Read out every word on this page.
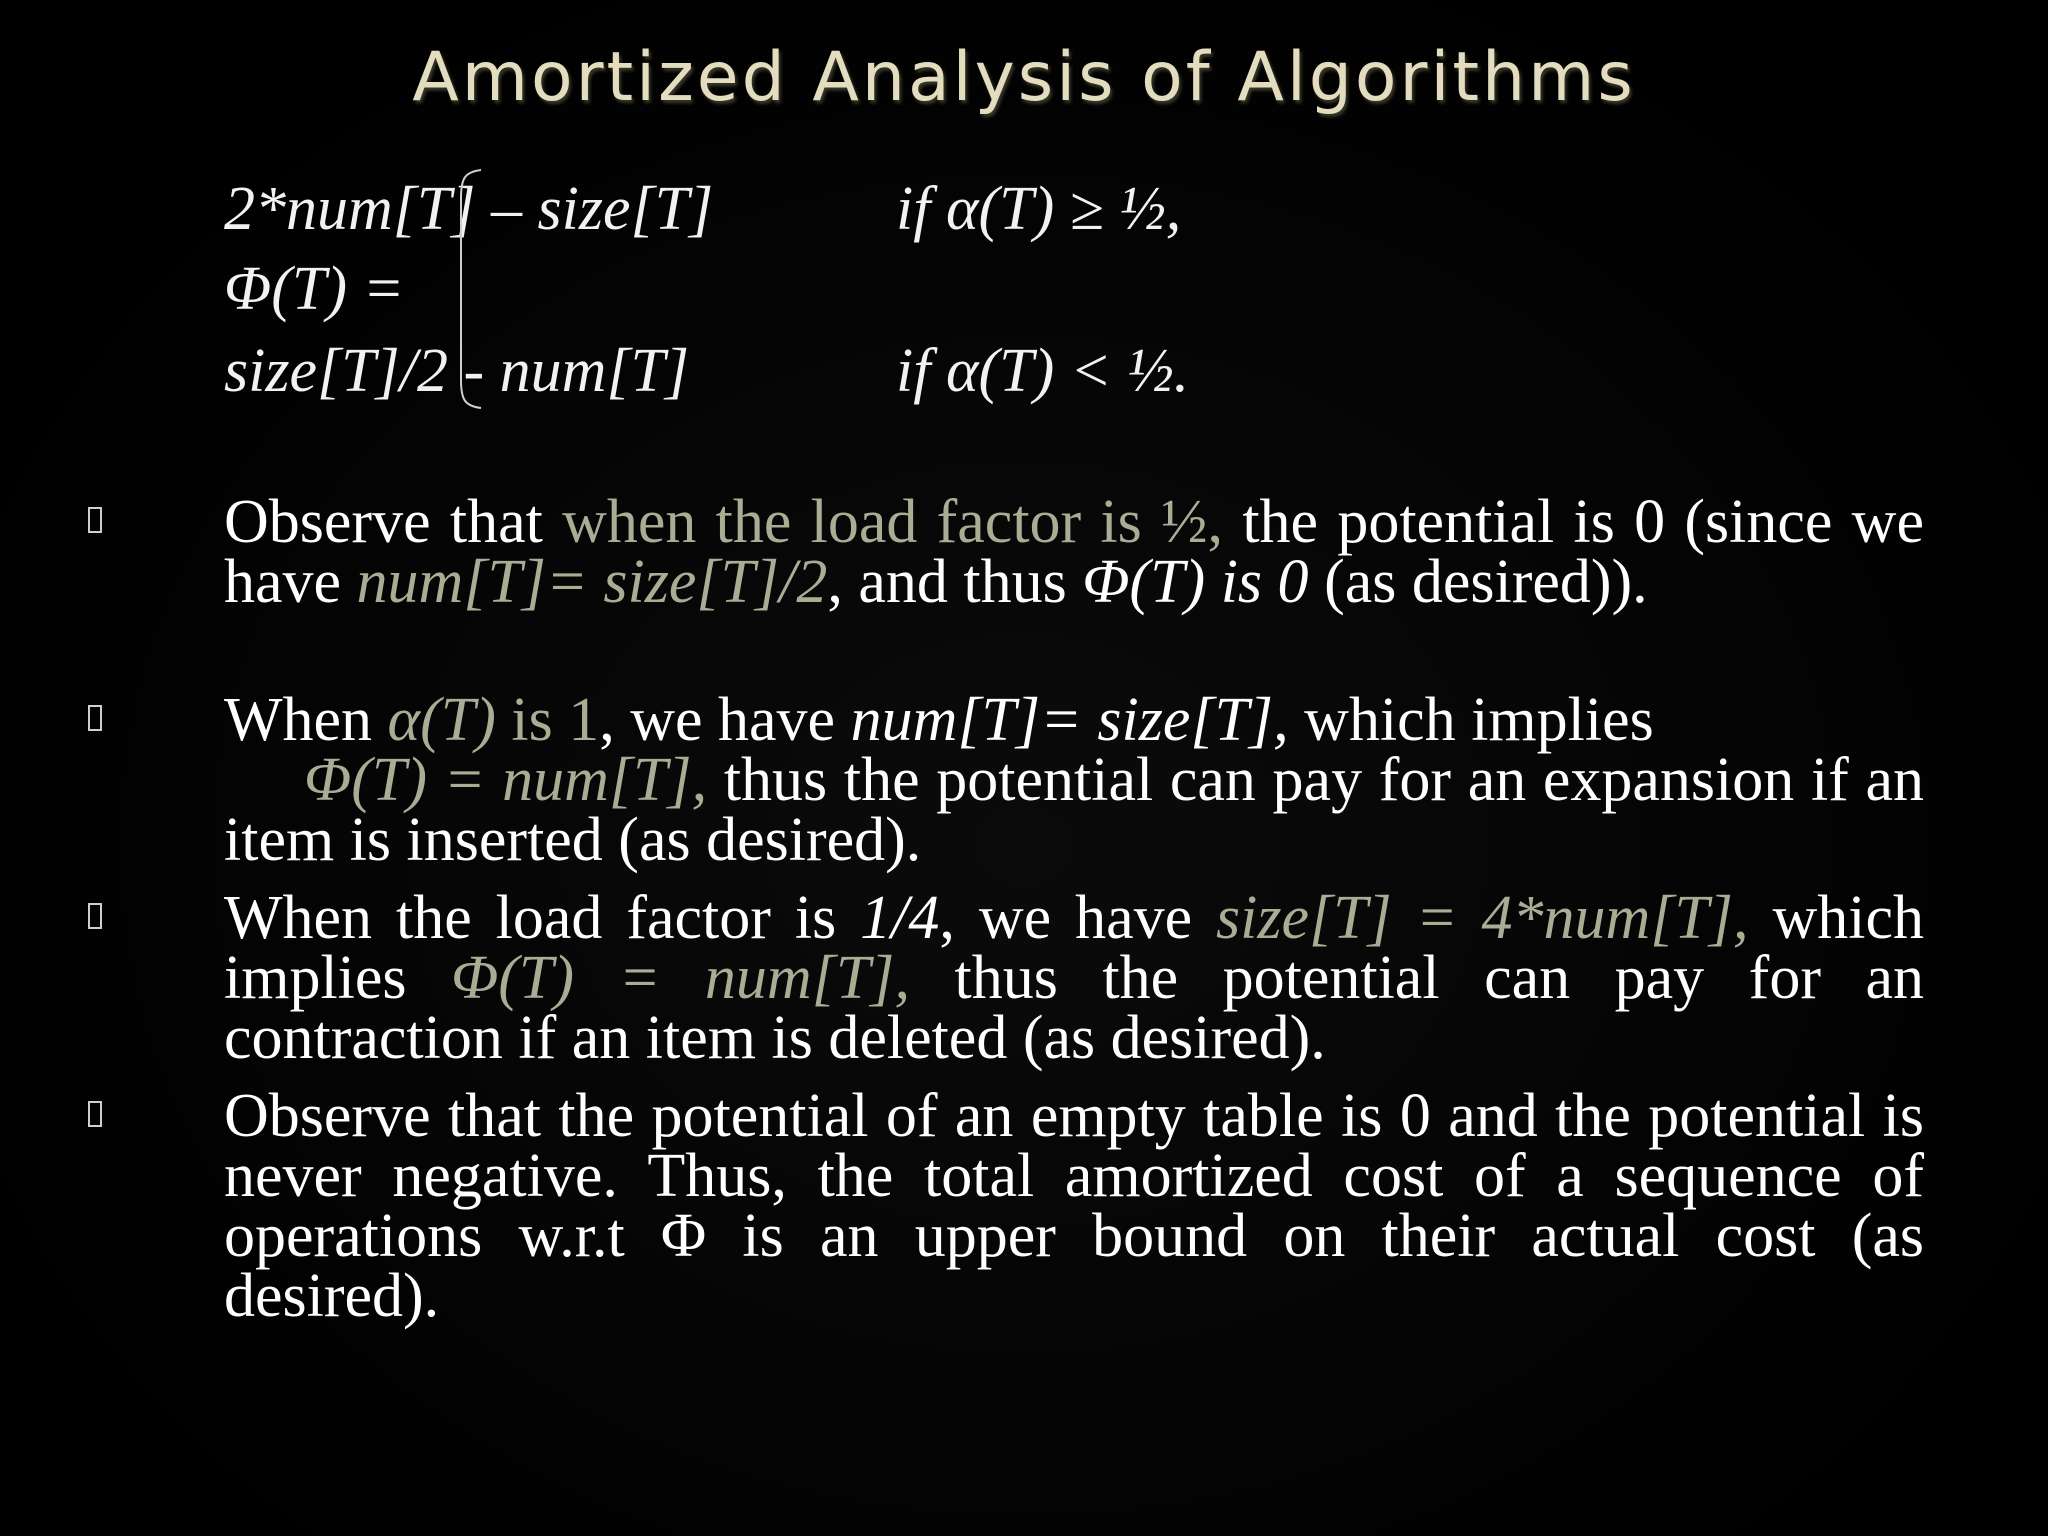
Amortized Analysis of Algorithms
2*num[T] – size[T]	if α(T) ≥ ½,
Φ(T) =
size[T]/2 - num[T]	if α(T) < ½.
Observe that when the load factor is ½, the potential is 0 (since we have num[T]= size[T]/2, and thus Φ(T) is 0 (as desired)).
When α(T) is 1, we have num[T]= size[T], which implies
Φ(T) = num[T], thus the potential can pay for an expansion if an item is inserted (as desired).
When the load factor is 1/4, we have size[T] = 4*num[T], which implies Φ(T) = num[T], thus the potential can pay for an contraction if an item is deleted (as desired).
Observe that the potential of an empty table is 0 and the potential is never negative. Thus, the total amortized cost of a sequence of operations w.r.t Φ is an upper bound on their actual cost (as desired).
